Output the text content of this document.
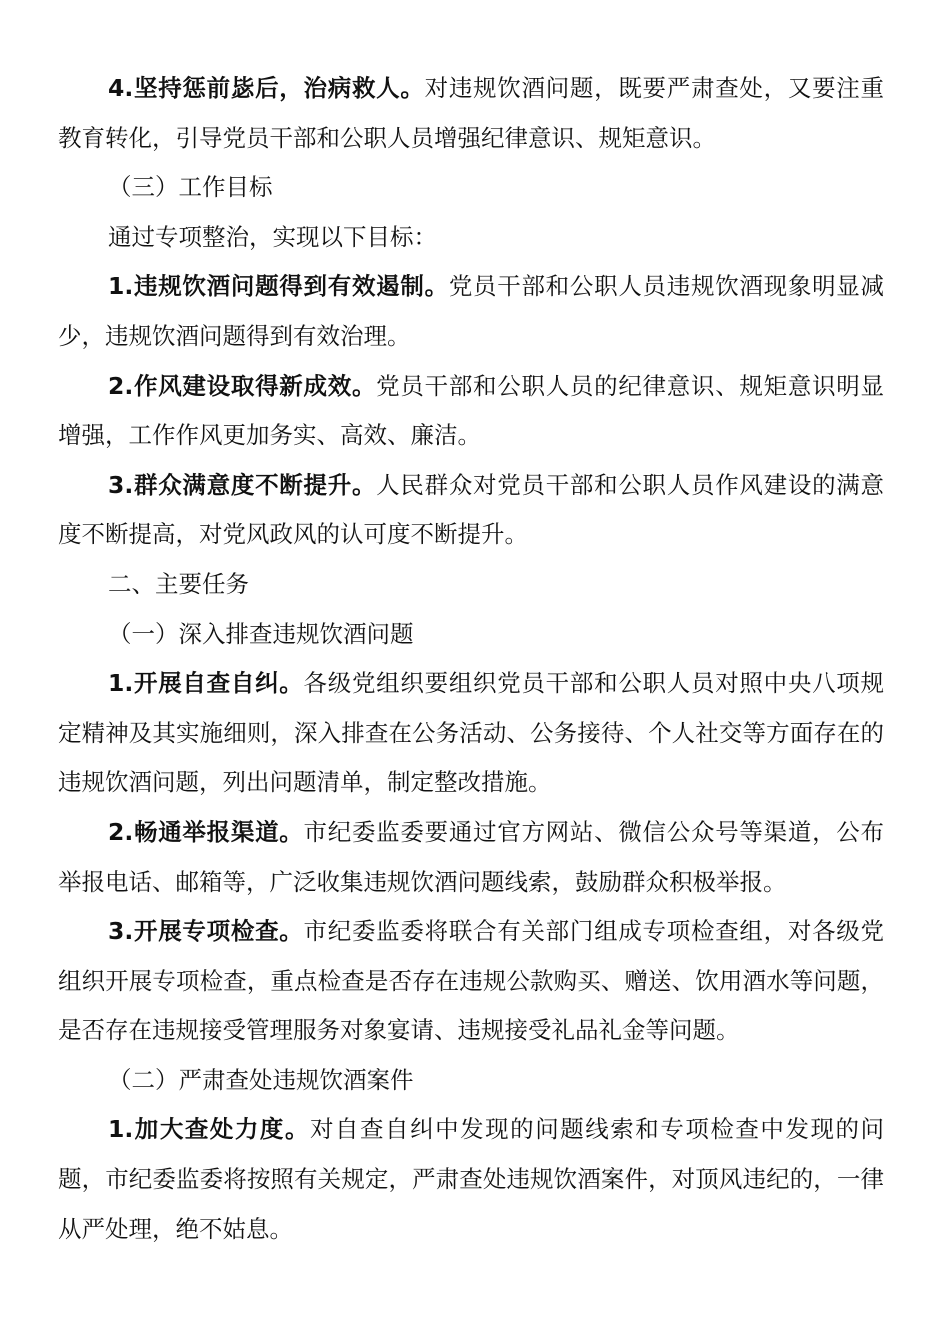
4.坚持惩前毖后，治病救人。对违规饮酒问题，既要严肃查处，又要注重教育转化，引导党员干部和公职人员增强纪律意识、规矩意识。

（三）工作目标

通过专项整治，实现以下目标：

1.违规饮酒问题得到有效遏制。党员干部和公职人员违规饮酒现象明显减少，违规饮酒问题得到有效治理。

2.作风建设取得新成效。党员干部和公职人员的纪律意识、规矩意识明显增强，工作作风更加务实、高效、廉洁。

3.群众满意度不断提升。人民群众对党员干部和公职人员作风建设的满意度不断提高，对党风政风的认可度不断提升。

二、主要任务

（一）深入排查违规饮酒问题

1.开展自查自纠。各级党组织要组织党员干部和公职人员对照中央八项规定精神及其实施细则，深入排查在公务活动、公务接待、个人社交等方面存在的违规饮酒问题，列出问题清单，制定整改措施。

2.畅通举报渠道。市纪委监委要通过官方网站、微信公众号等渠道，公布举报电话、邮箱等，广泛收集违规饮酒问题线索，鼓励群众积极举报。

3.开展专项检查。市纪委监委将联合有关部门组成专项检查组，对各级党组织开展专项检查，重点检查是否存在违规公款购买、赠送、饮用酒水等问题，是否存在违规接受管理服务对象宴请、违规接受礼品礼金等问题。

（二）严肃查处违规饮酒案件

1.加大查处力度。对自查自纠中发现的问题线索和专项检查中发现的问题，市纪委监委将按照有关规定，严肃查处违规饮酒案件，对顶风违纪的，一律从严处理，绝不姑息。
